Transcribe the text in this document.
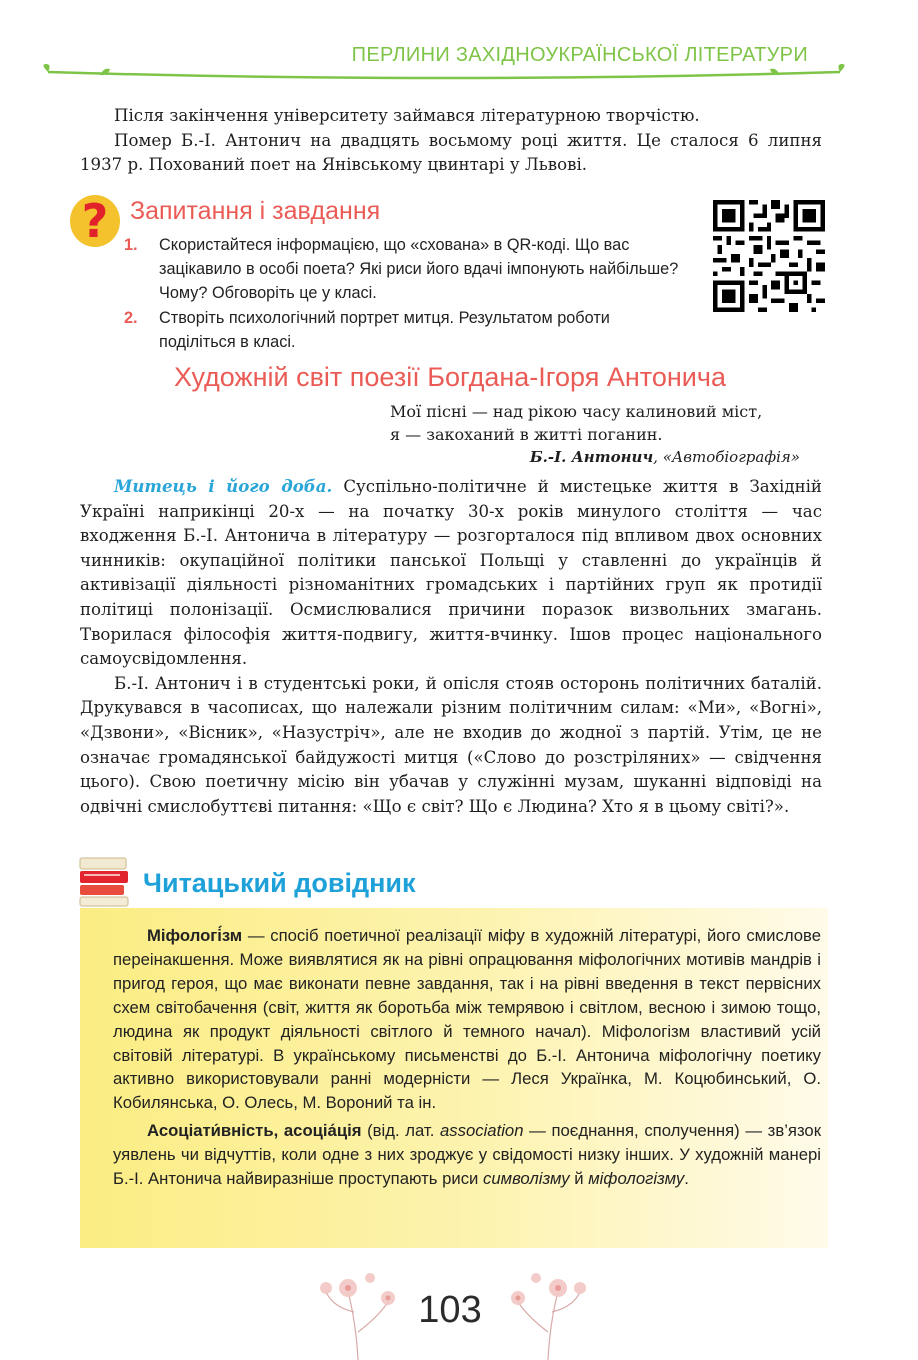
ПЕРЛИНИ ЗАХІДНОУКРАЇНСЬКОЇ ЛІТЕРАТУРИ

Після закінчення університету займався літературною творчістю.

Помер Б.-І. Антонич на двадцять восьмому році життя. Це сталося 6 липня 1937 р. Похований поет на Янівському цвинтарі у Львові.

? Запитання і завдання
1. Скористайтеся інформацією, що «схована» в QR-коді. Що вас зацікавило в особі поета? Які риси його вдачі імпонують найбільше? Чому? Обговоріть це у класі.
2. Створіть психологічний портрет митця. Результатом роботи поділіться в класі.
Художній світ поезії Богдана-Ігоря Антонича
Мої пісні — над рікою часу калиновий міст,
я — закоханий в житті поганин.
Б.-І. Антонич, «Автобіографія»

Митець і його доба. Суспільно-політичне й мистецьке життя в Західній Україні наприкінці 20-х — на початку 30-х років минулого століття — час входження Б.-І. Антонича в літературу — розгорталося під впливом двох основних чинників: окупаційної політики панської Польщі у ставленні до українців й активізації діяльності різноманітних громадських і партійних груп як протидії політиці полонізації. Осмислювалися причини поразок визвольних змагань. Творилася філософія життя-подвигу, життя-вчинку. Ішов процес національного самоусвідомлення.

Б.-І. Антонич і в студентські роки, й опісля стояв осторонь політичних баталій. Друкувався в часописах, що належали різним політичним силам: «Ми», «Вогні», «Дзвони», «Вісник», «Назустріч», але не входив до жодної з партій. Утім, це не означає громадянської байдужості митця («Слово до розстріляних» — свідчення цього). Свою поетичну місію він убачав у служінні музам, шуканні відповіді на одвічні смислобуттєві питання: «Що є світ? Що є Людина? Хто я в цьому світі?».

Читацький довідник

Міфологі́зм — спосіб поетичної реалізації міфу в художній літературі, його смислове переінакшення. Може виявлятися як на рівні опрацювання міфологічних мотивів мандрів і пригод героя, що має виконати певне завдання, так і на рівні введення в текст первісних схем світобачення (світ, життя як боротьба між темрявою і світлом, весною і зимою тощо, людина як продукт діяльності світлого й темного начал). Міфологізм властивий усій світовій літературі. В українському письменстві до Б.-І. Антонича міфологічну поетику активно використовували ранні модерністи — Леся Українка, М. Коцюбинський, О. Кобилянська, О. Олесь, М. Вороний та ін.

Асоціати́вність, асоціа́ція (від. лат. association — поєднання, сполучення) — зв’язок уявлень чи відчуттів, коли одне з них зроджує у свідомості низку інших. У художній манері Б.-І. Антонича найвиразніше проступають риси символізму й міфологізму.

103
